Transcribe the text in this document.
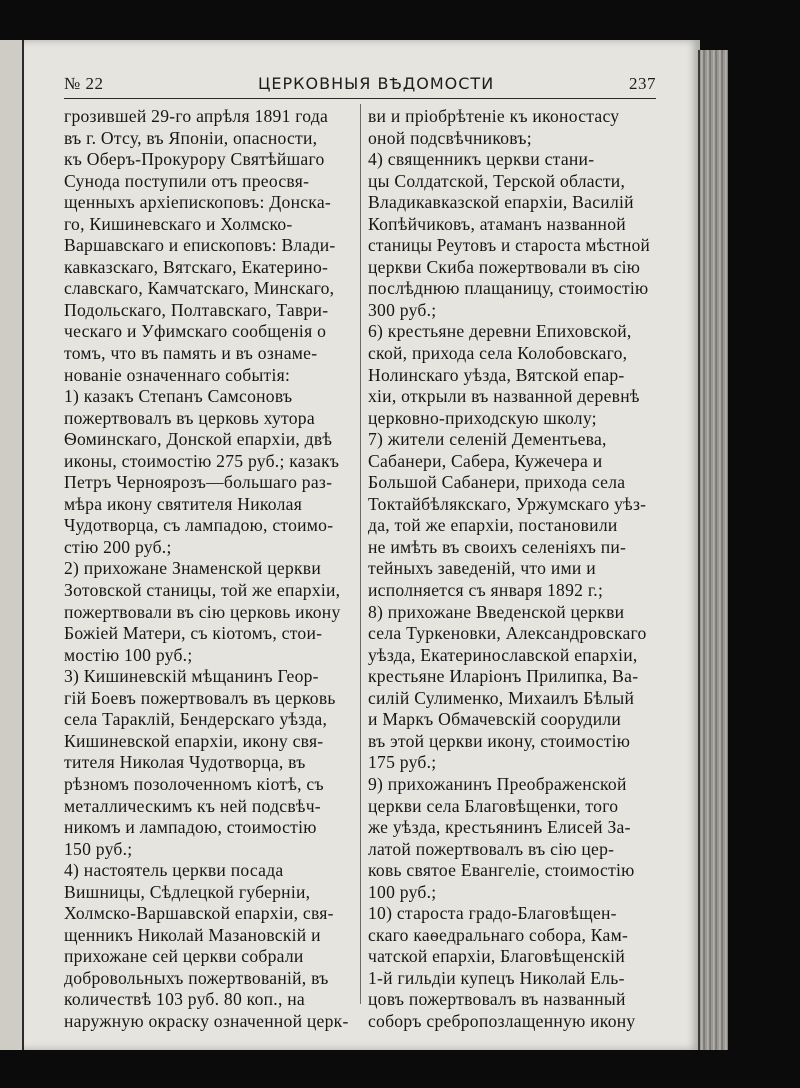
№ 22	ЦЕРКОВНЫЯ ВѢДОМОСТИ	237
грозившей 29-го апрѣля 1891 года
въ г. Отсу, въ Японіи, опасности,
къ Оберъ-Прокурору Святѣйшаго
Сунода поступили отъ преосвя-
щенныхъ архіепископовъ: Донска-
го, Кишиневскаго и Холмско-
Варшавскаго и епископовъ: Влади-
кавказскаго, Вятскаго, Екатерино-
славскаго, Камчатскаго, Минскаго,
Подольскаго, Полтавскаго, Таври-
ческаго и Уфимскаго сообщенія о
томъ, что въ память и въ ознаме-
нованіе означеннаго событія:
1) казакъ Степанъ Самсоновъ
пожертвовалъ въ церковь хутора
Ѳоминскаго, Донской епархіи, двѣ
иконы, стоимостію 275 руб.; казакъ
Петръ Черноярозъ—большаго раз-
мѣра икону святителя Николая
Чудотворца, съ лампадою, стоимо-
стію 200 руб.;
2) прихожане Знаменской церкви
Зотовской станицы, той же епархіи,
пожертвовали въ сію церковь икону
Божіей Матери, съ кіотомъ, стои-
мостію 100 руб.;
3) Кишиневскій мѣщанинъ Геор-
гій Боевъ пожертвовалъ въ церковь
села Тараклій, Бендерскаго уѣзда,
Кишиневской епархіи, икону свя-
тителя Николая Чудотворца, въ
рѣзномъ позолоченномъ кіотѣ, съ
металлическимъ къ ней подсвѣч-
никомъ и лампадою, стоимостію
150 руб.;
4) настоятель церкви посада
Вишницы, Сѣдлецкой губерніи,
Холмско-Варшавской епархіи, свя-
щенникъ Николай Мазановскій и
прихожане сей церкви собрали
добровольныхъ пожертвованій, въ
количествѣ 103 руб. 80 коп., на
наружную окраску означенной церк-
ви и пріобрѣтеніе къ иконостасу
оной подсвѣчниковъ;
4) священникъ церкви стани-
цы Солдатской, Терской области,
Владикавказской епархіи, Василій
Копѣйчиковъ, атаманъ названной
станицы Реутовъ и староста мѣстной
церкви Скиба пожертвовали въ сію
послѣднюю плащаницу, стоимостію
300 руб.;
6) крестьяне деревни Епиховской,
ской, прихода села Колобовскаго,
Нолинскаго уѣзда, Вятской епар-
хіи, открыли въ названной деревнѣ
церковно-приходскую школу;
7) жители селеній Дементьева,
Сабанери, Сабера, Кужечера и
Большой Сабанери, прихода села
Токтайбѣлякскаго, Уржумскаго уѣз-
да, той же епархіи, постановили
не имѣть въ своихъ селеніяхъ пи-
тейныхъ заведеній, что ими и
исполняется съ января 1892 г.;
8) прихожане Введенской церкви
села Туркеновки, Александровскаго
уѣзда, Екатеринославской епархіи,
крестьяне Иларіонъ Прилипка, Ва-
силій Сулименко, Михаилъ Бѣлый
и Маркъ Обмачевскій соорудили
въ этой церкви икону, стоимостію
175 руб.;
9) прихожанинъ Преображенской
церкви села Благовѣщенки, того
же уѣзда, крестьянинъ Елисей За-
латой пожертвовалъ въ сію цер-
ковь святое Евангеліе, стоимостію
100 руб.;
10) староста градо-Благовѣщен-
скаго каѳедральнаго собора, Кам-
чатской епархіи, Благовѣщенскій
1-й гильдіи купецъ Николай Ель-
цовъ пожертвовалъ въ названный
соборъ сребропозлащенную икону
